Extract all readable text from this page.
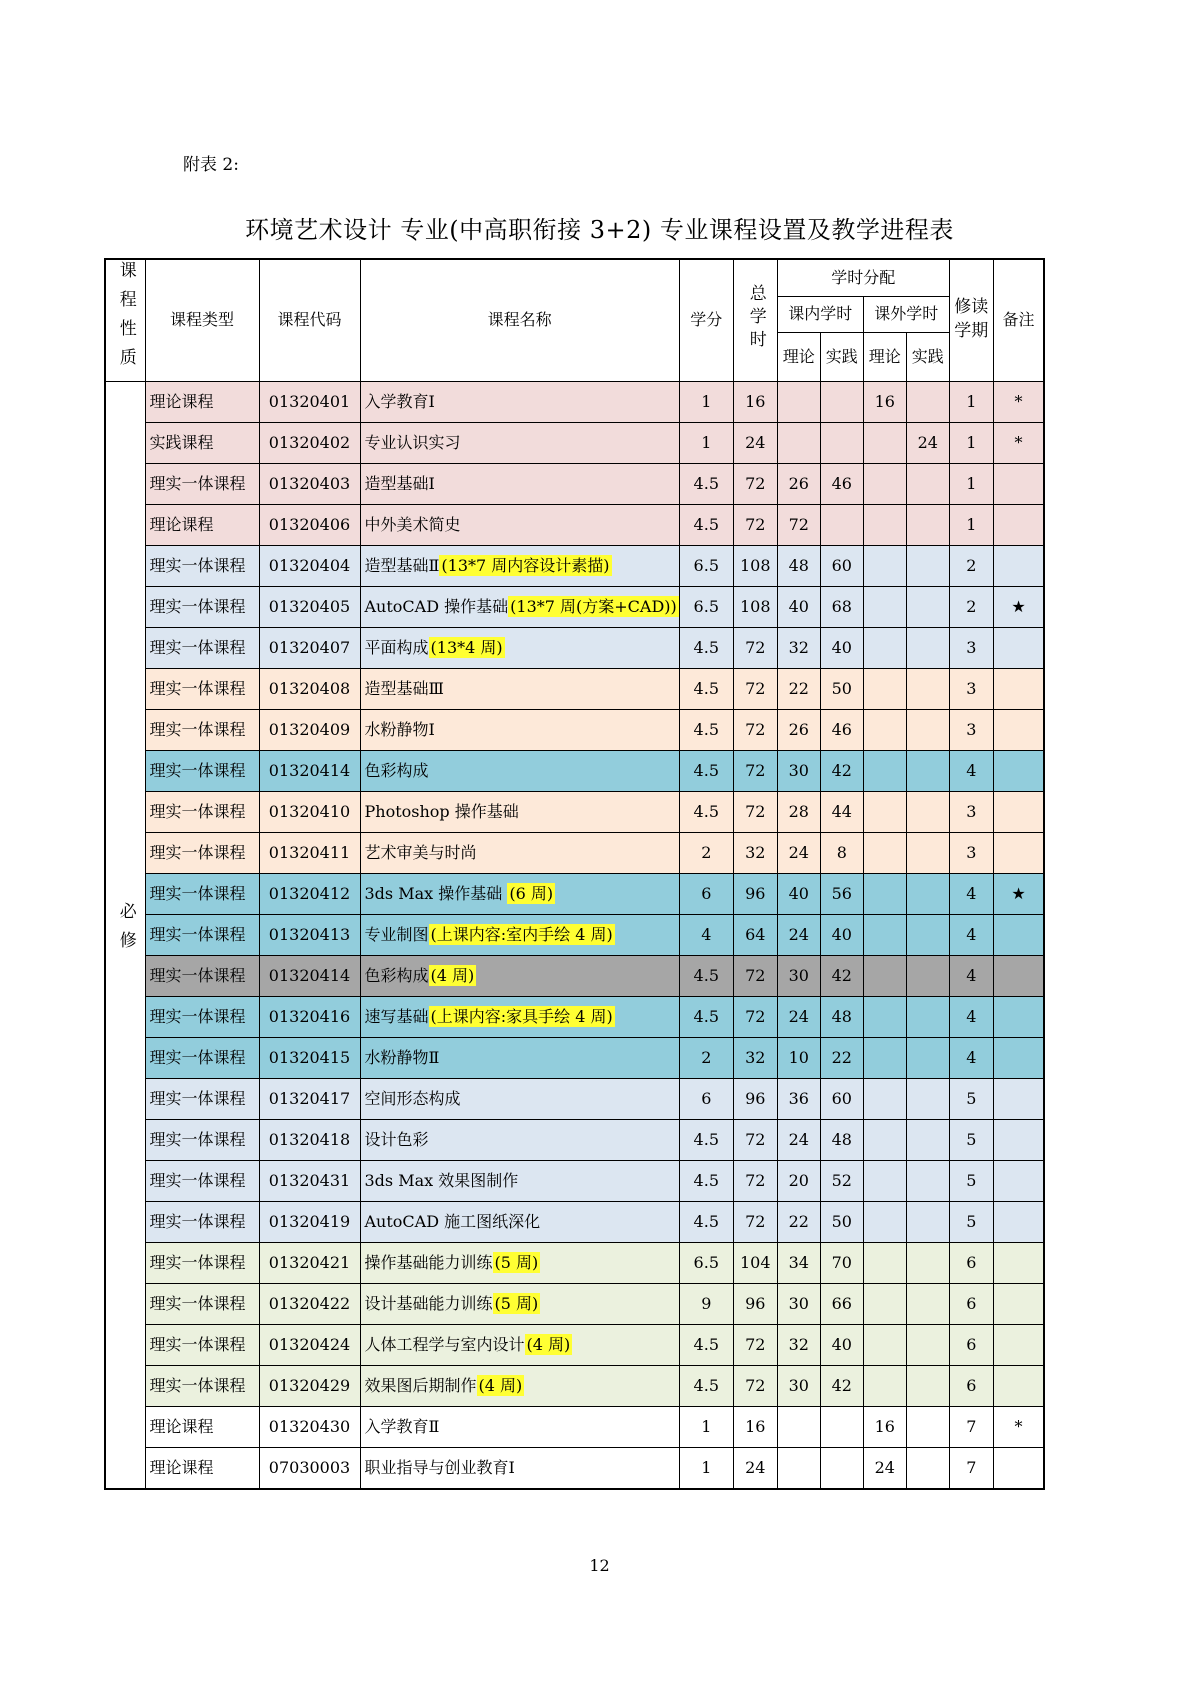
附表 2:
环境艺术设计 专业(中高职衔接 3+2) 专业课程设置及教学进程表
课程性质	课程类型	课程代码	课程名称	学分	总学时	学时分配				修读学期	备注
						课内学时		课外学时			
						理论	实践	理论	实践		
必修	理论课程	01320401	入学教育Ⅰ	1	16			16		1	*
	实践课程	01320402	专业认识实习	1	24				24	1	*
	理实一体课程	01320403	造型基础Ⅰ	4.5	72	26	46			1	
	理论课程	01320406	中外美术简史	4.5	72	72				1	
	理实一体课程	01320404	造型基础Ⅱ (13*7 周内容设计素描)	6.5	108	48	60			2	
	理实一体课程	01320405	AutoCAD 操作基础 (13*7 周(方案+CAD))	6.5	108	40	68			2	★
	理实一体课程	01320407	平面构成 (13*4 周)	4.5	72	32	40			3	
	理实一体课程	01320408	造型基础Ⅲ	4.5	72	22	50			3	
	理实一体课程	01320409	水粉静物Ⅰ	4.5	72	26	46			3	
	理实一体课程	01320414	色彩构成	4.5	72	30	42			4	
	理实一体课程	01320410	Photoshop 操作基础	4.5	72	28	44			3	
	理实一体课程	01320411	艺术审美与时尚	2	32	24	8			3	
	理实一体课程	01320412	3ds Max 操作基础 (6 周)	6	96	40	56			4	★
	理实一体课程	01320413	专业制图 (上课内容:室内手绘 4 周)	4	64	24	40			4	
	理实一体课程	01320414	色彩构成 (4 周)	4.5	72	30	42			4	
	理实一体课程	01320416	速写基础 (上课内容:家具手绘 4 周)	4.5	72	24	48			4	
	理实一体课程	01320415	水粉静物Ⅱ	2	32	10	22			4	
	理实一体课程	01320417	空间形态构成	6	96	36	60			5	
	理实一体课程	01320418	设计色彩	4.5	72	24	48			5	
	理实一体课程	01320431	3ds Max 效果图制作	4.5	72	20	52			5	
	理实一体课程	01320419	AutoCAD 施工图纸深化	4.5	72	22	50			5	
	理实一体课程	01320421	操作基础能力训练 (5 周)	6.5	104	34	70			6	
	理实一体课程	01320422	设计基础能力训练 (5 周)	9	96	30	66			6	
	理实一体课程	01320424	人体工程学与室内设计 (4 周)	4.5	72	32	40			6	
	理实一体课程	01320429	效果图后期制作 (4 周)	4.5	72	30	42			6	
	理论课程	01320430	入学教育Ⅱ	1	16			16		7	*
	理论课程	07030003	职业指导与创业教育Ⅰ	1	24			24		7	
12
